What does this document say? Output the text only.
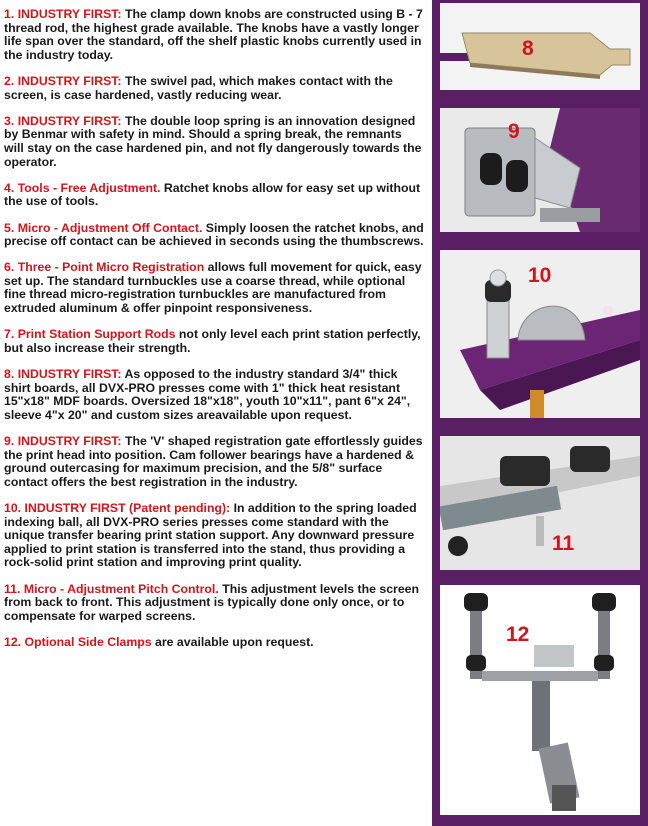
1. INDUSTRY FIRST: The clamp down knobs are constructed using B - 7 thread rod, the highest grade available. The knobs have a vastly longer life span over the standard, off the shelf plastic knobs currently used in the industry today.
2. INDUSTRY FIRST: The swivel pad, which makes contact with the screen, is case hardened, vastly reducing wear.
3. INDUSTRY FIRST: The double loop spring is an innovation designed by Benmar with safety in mind. Should a spring break, the remnants will stay on the case hardened pin, and not fly dangerously towards the operator.
4. Tools - Free Adjustment. Ratchet knobs allow for easy set up without the use of tools.
5. Micro - Adjustment Off Contact. Simply loosen the ratchet knobs, and precise off contact can be achieved in seconds using the thumbscrews.
6. Three - Point Micro Registration allows full movement for quick, easy set up. The standard turnbuckles use a coarse thread, while optional fine thread micro-registration turnbuckles are manufactured from extruded aluminum & offer pinpoint responsiveness.
7. Print Station Support Rods not only level each print station perfectly, but also increase their strength.
8. INDUSTRY FIRST: As opposed to the industry standard 3/4" thick shirt boards, all DVX-PRO presses come with 1" thick heat resistant 15"x18" MDF boards. Oversized 18"x18", youth 10"x11", pant 6"x 24", sleeve 4"x 20" and custom sizes areavailable upon request.
9. INDUSTRY FIRST: The 'V' shaped registration gate effortlessly guides the print head into position. Cam follower bearings have a hardened & ground outercasing for maximum precision, and the 5/8" surface contact offers the best registration in the industry.
10. INDUSTRY FIRST (Patent pending): In addition to the spring loaded indexing ball, all DVX-PRO series presses come standard with the unique transfer bearing print station support. Any downward pressure applied to print station is transferred into the stand, thus providing a rock-solid print station and improving print quality.
11. Micro - Adjustment Pitch Control. This adjustment levels the screen from back to front. This adjustment is typically done only once, or to compensate for warped screens.
12. Optional Side Clamps are available upon request.
8
9
10
11
12
